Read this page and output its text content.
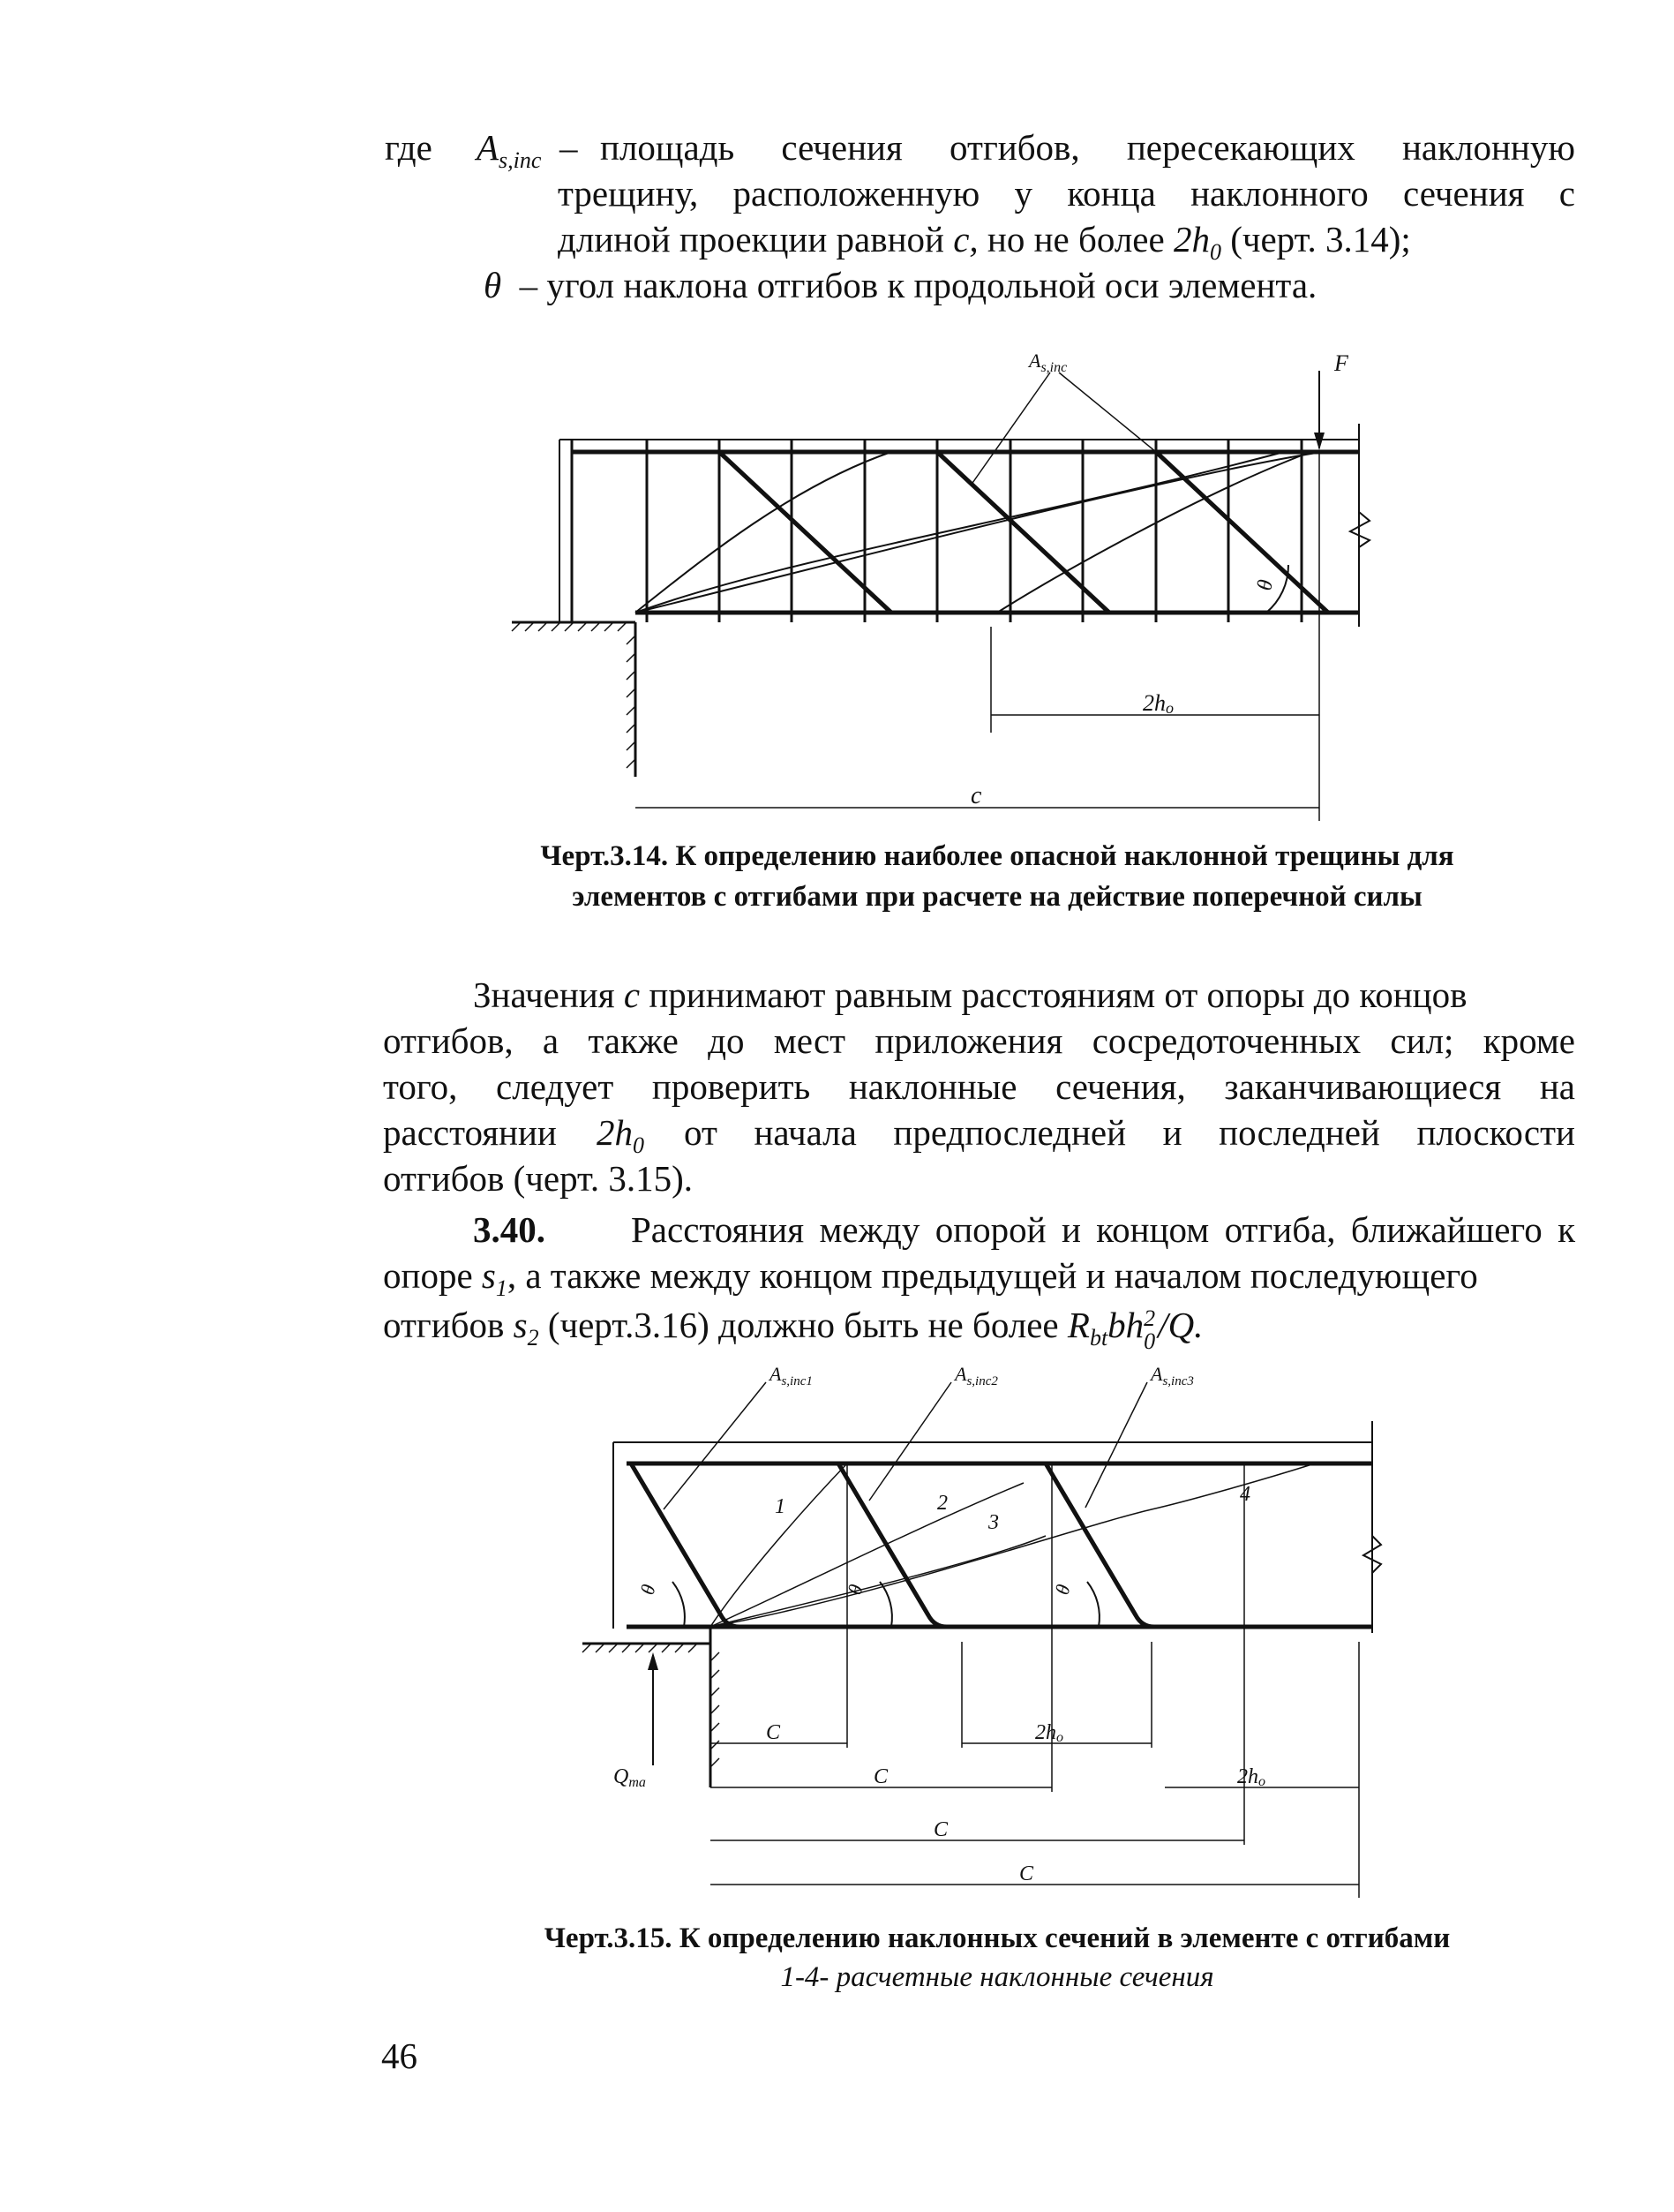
где $A_{s,inc}$ – площадь сечения отгибов, пересекающих наклонную
трещину, расположенную у конца наклонного сечения с
длиной проекции равной c, но не более $2h_0$ (черт. 3.14);
θ – угол наклона отгибов к продольной оси элемента.
$A_{s,inc}$	F
θ
2ho
c
Черт.3.14. К определению наиболее опасной наклонной трещины для
элементов с отгибами при расчете на действие поперечной силы
Значения c принимают равным расстояниям от опоры до концов
отгибов, а также до мест приложения сосредоточенных сил; кроме
того, следует проверить наклонные сечения, заканчивающиеся на
расстоянии $2h_0$ от начала предпоследней и последней плоскости
отгибов (черт. 3.15).
3.40. Расстояния между опорой и концом отгиба, ближайшего к
опоре $s_1$, а также между концом предыдущей и началом последующего
отгибов $s_2$ (черт.3.16) должно быть не более $R_{bt}bh$ 2
0 /Q.
$A_{s,inc1}$	$A_{s,inc2}$	$A_{s,inc3}$
1	2
3
4
θ	θ	θ
Qma
C	2ho
C	2ho
C
C
Черт.3.15. К определению наклонных сечений в элементе с отгибами
1-4- расчетные наклонные сечения
46
